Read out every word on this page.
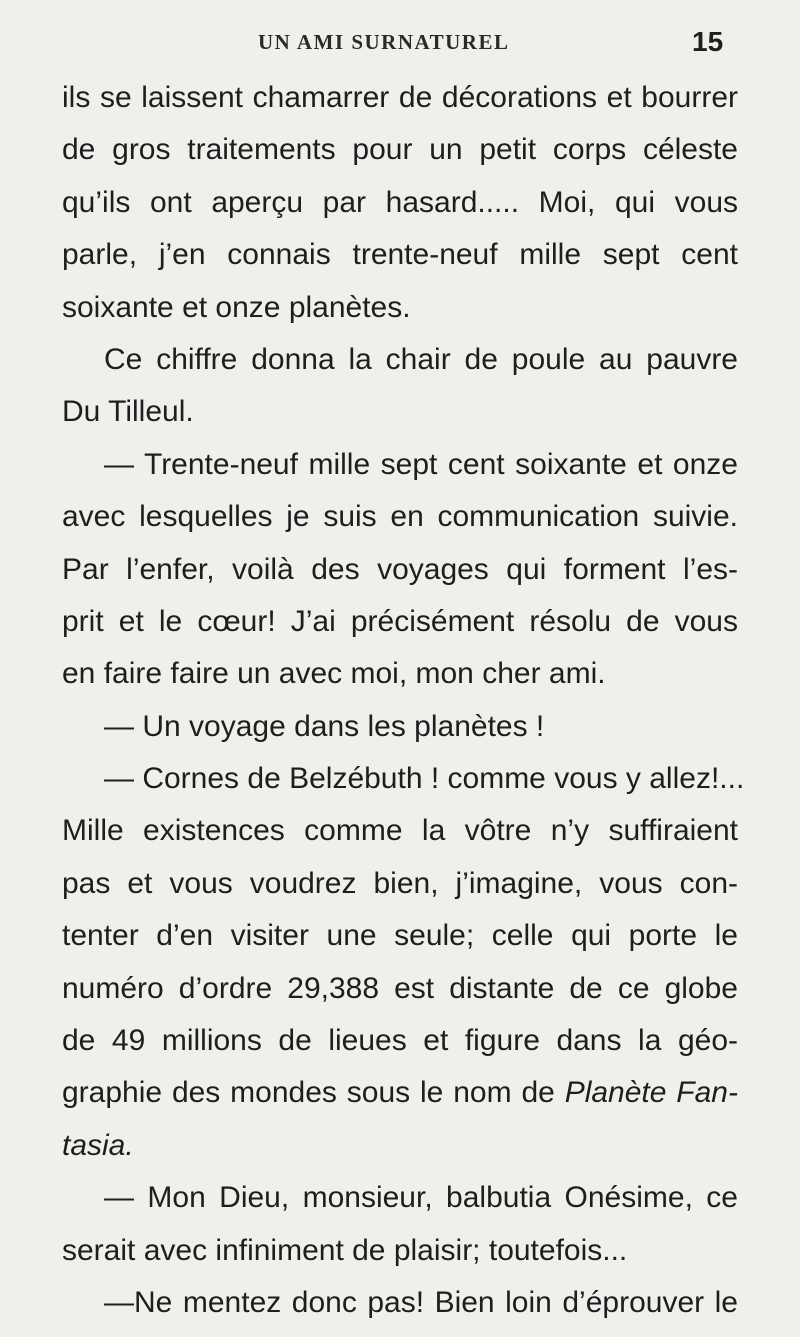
UN AMI SURNATUREL	15
ils se laissent chamarrer de décorations et bourrer
de gros traitements pour un petit corps céleste
qu’ils ont aperçu par hasard..... Moi, qui vous
parle, j’en connais trente-neuf mille sept cent
soixante et onze planètes.
Ce chiffre donna la chair de poule au pauvre
Du Tilleul.
— Trente-neuf mille sept cent soixante et onze
avec lesquelles je suis en communication suivie.
Par l’enfer, voilà des voyages qui forment l’es-
prit et le cœur! J’ai précisément résolu de vous
en faire faire un avec moi, mon cher ami.
— Un voyage dans les planètes !
— Cornes de Belzébuth ! comme vous y allez!...
Mille existences comme la vôtre n’y suffiraient
pas et vous voudrez bien, j’imagine, vous con-
tenter d’en visiter une seule; celle qui porte le
numéro d’ordre 29,388 est distante de ce globe
de 49 millions de lieues et figure dans la géo-
graphie des mondes sous le nom de Planète Fan-
tasia.
— Mon Dieu, monsieur, balbutia Onésime, ce
serait avec infiniment de plaisir; toutefois...
—Ne mentez donc pas! Bien loin d’éprouver le
